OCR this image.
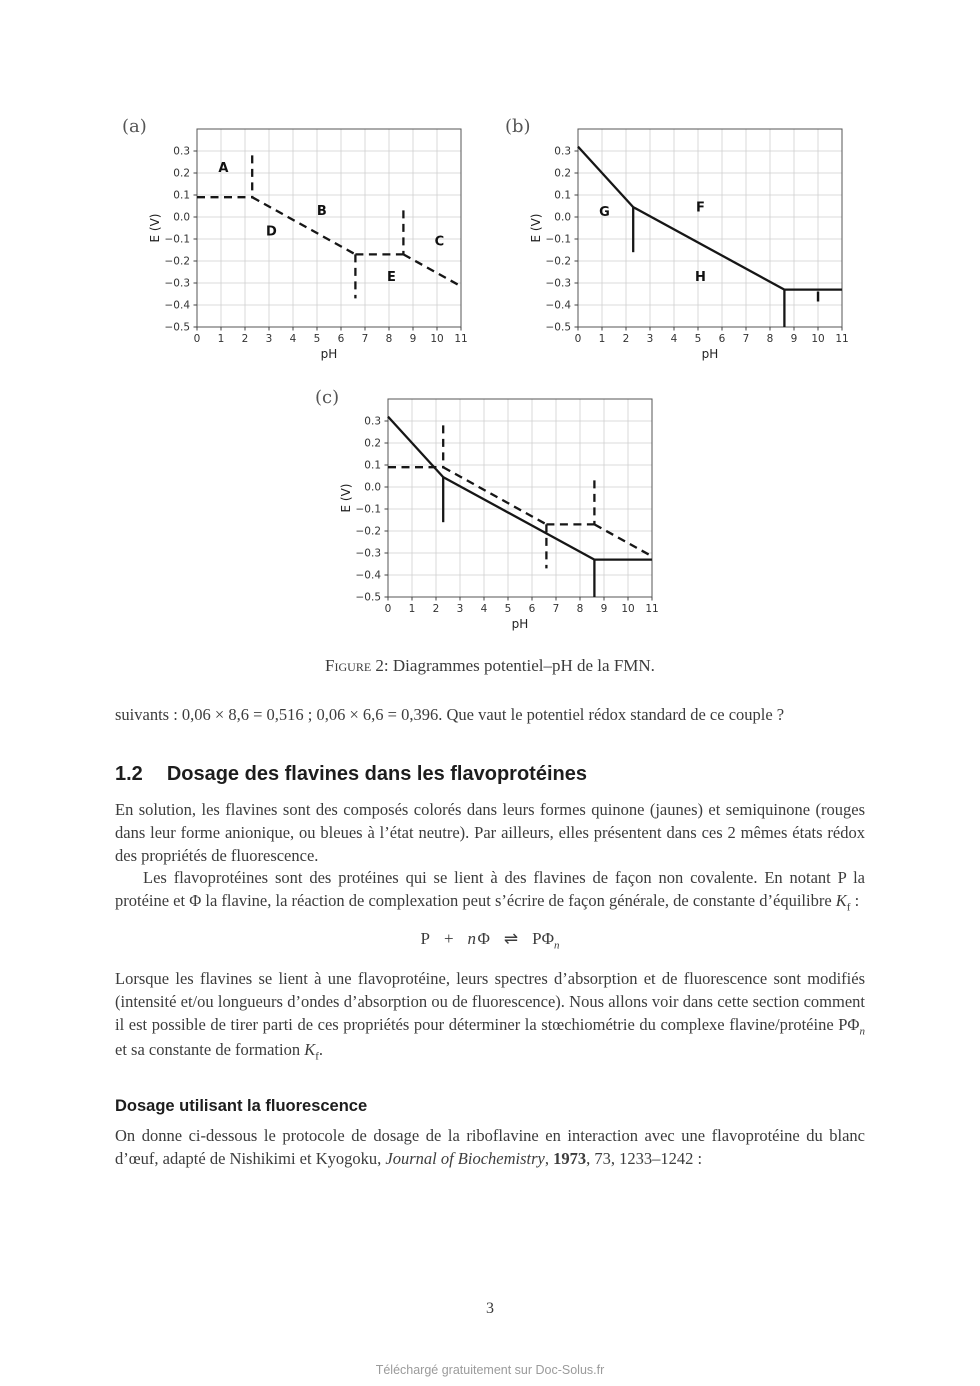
(a)
0 1 2 3 4 5 6 7 8 9 10 11
0.3
0.2
0.1
0.0
−0.1
−0.2
−0.3
−0.4
−0.5
pH
E (V)
A
B
D
C
E
(b)
0 1 2 3 4 5 6 7 8 9 10 11
0.3
0.2
0.1
0.0
−0.1
−0.2
−0.3
−0.4
−0.5
pH
E (V)
G	F
H
I
(c)
0 1 2 3 4 5 6 7 8 9 10 11
0.3
0.2
0.1
0.0
−0.1
−0.2
−0.3
−0.4
−0.5
pH
E (V)
Figure 2: Diagrammes potentiel–pH de la FMN.

suivants : 0,06 × 8,6 = 0,516 ; 0,06 × 6,6 = 0,396. Que vaut le potentiel rédox standard de ce couple ?

1.2 Dosage des flavines dans les flavoprotéines

En solution, les flavines sont des composés colorés dans leurs formes quinone (jaunes) et semiquinone (rouges dans leur forme anionique, ou bleues à l’état neutre). Par ailleurs, elles présentent dans ces 2 mêmes états rédox des propriétés de fluorescence.

Les flavoprotéines sont des protéines qui se lient à des flavines de façon non covalente. En notant P la protéine et Φ la flavine, la réaction de complexation peut s’écrire de façon générale, de constante d’équilibre $K_f$ :

P + n Φ ⇌ $P\Phi_n$

Lorsque les flavines se lient à une flavoprotéine, leurs spectres d’absorption et de fluorescence sont modifiés (intensité et/ou longueurs d’ondes d’absorption ou de fluorescence). Nous allons voir dans cette section comment il est possible de tirer parti de ces propriétés pour déterminer la stœchiométrie du complexe flavine/protéine $P\Phi_n$ et sa constante de formation $K_f$.

Dosage utilisant la fluorescence

On donne ci-dessous le protocole de dosage de la riboflavine en interaction avec une flavoprotéine du blanc d’œuf, adapté de Nishikimi et Kyogoku, Journal of Biochemistry, 1973, 73, 1233–1242 :

3
Téléchargé gratuitement sur Doc-Solus.fr
